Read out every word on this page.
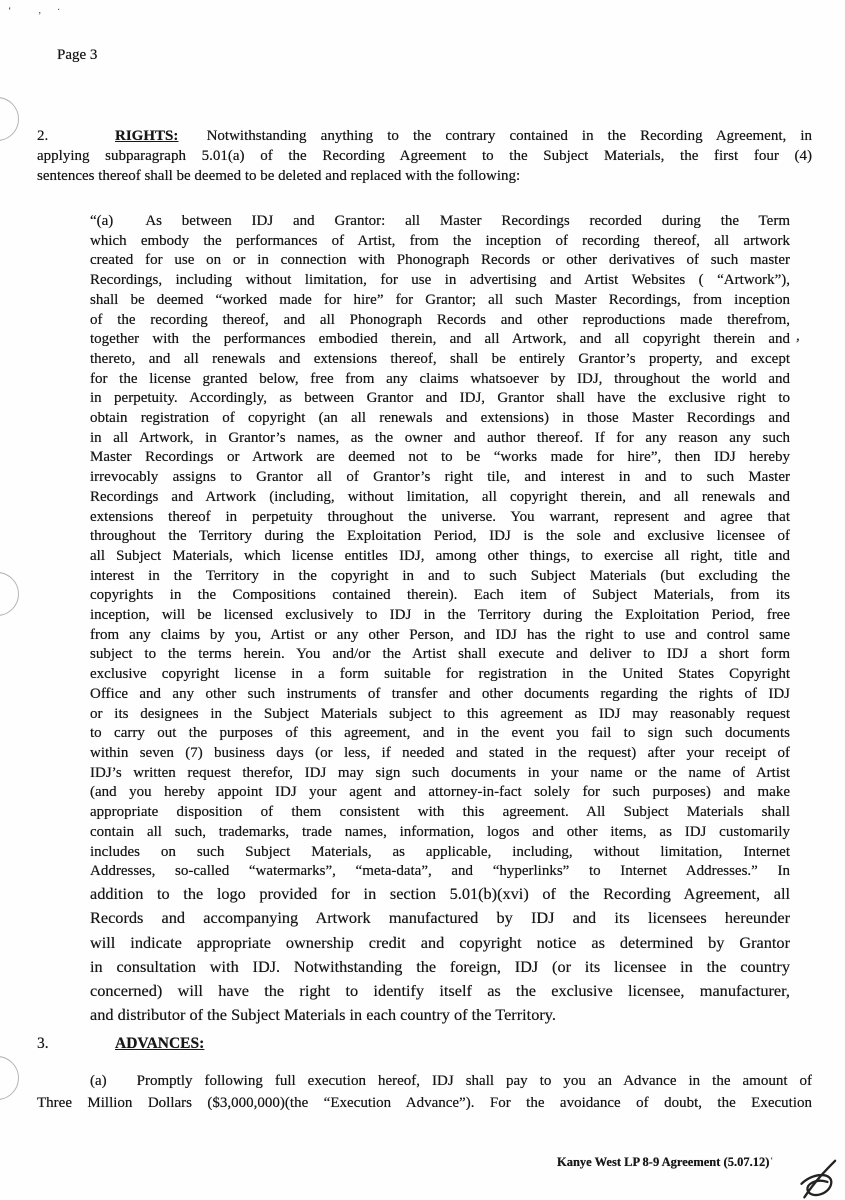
‘	’
·
‘
Page 3
2.	RIGHTS: Notwithstanding anything to the contrary contained in the Recording Agreement, in
applying subparagraph 5.01(a) of the Recording Agreement to the Subject Materials, the first four (4)
sentences thereof shall be deemed to be deleted and replaced with the following:
“(a) As between IDJ and Grantor: all Master Recordings recorded during the Term
which embody the performances of Artist, from the inception of recording thereof, all artwork
created for use on or in connection with Phonograph Records or other derivatives of such master
Recordings, including without limitation, for use in advertising and Artist Websites ( “Artwork”),
shall be deemed “worked made for hire” for Grantor; all such Master Recordings, from inception
of the recording thereof, and all Phonograph Records and other reproductions made therefrom,
together with the performances embodied therein, and all Artwork, and all copyright therein and
thereto, and all renewals and extensions thereof, shall be entirely Grantor’s property, and except
for the license granted below, free from any claims whatsoever by IDJ, throughout the world and
in perpetuity. Accordingly, as between Grantor and IDJ, Grantor shall have the exclusive right to
obtain registration of copyright (an all renewals and extensions) in those Master Recordings and
in all Artwork, in Grantor’s names, as the owner and author thereof. If for any reason any such
Master Recordings or Artwork are deemed not to be “works made for hire”, then IDJ hereby
irrevocably assigns to Grantor all of Grantor’s right tile, and interest in and to such Master
Recordings and Artwork (including, without limitation, all copyright therein, and all renewals and
extensions thereof in perpetuity throughout the universe. You warrant, represent and agree that
throughout the Territory during the Exploitation Period, IDJ is the sole and exclusive licensee of
all Subject Materials, which license entitles IDJ, among other things, to exercise all right, title and
interest in the Territory in the copyright in and to such Subject Materials (but excluding the
copyrights in the Compositions contained therein). Each item of Subject Materials, from its
inception, will be licensed exclusively to IDJ in the Territory during the Exploitation Period, free
from any claims by you, Artist or any other Person, and IDJ has the right to use and control same
subject to the terms herein. You and/or the Artist shall execute and deliver to IDJ a short form
exclusive copyright license in a form suitable for registration in the United States Copyright
Office and any other such instruments of transfer and other documents regarding the rights of IDJ
or its designees in the Subject Materials subject to this agreement as IDJ may reasonably request
to carry out the purposes of this agreement, and in the event you fail to sign such documents
within seven (7) business days (or less, if needed and stated in the request) after your receipt of
IDJ’s written request therefor, IDJ may sign such documents in your name or the name of Artist
(and you hereby appoint IDJ your agent and attorney-in-fact solely for such purposes) and make
appropriate disposition of them consistent with this agreement. All Subject Materials shall
contain all such, trademarks, trade names, information, logos and other items, as IDJ customarily
includes on such Subject Materials, as applicable, including, without limitation, Internet
Addresses, so-called “watermarks”, “meta-data”, and “hyperlinks” to Internet Addresses.” In
addition to the logo provided for in section 5.01(b)(xvi) of the Recording Agreement, all
Records and accompanying Artwork manufactured by IDJ and its licensees hereunder
will indicate appropriate ownership credit and copyright notice as determined by Grantor
in consultation with IDJ. Notwithstanding the foreign, IDJ (or its licensee in the country
concerned) will have the right to identify itself as the exclusive licensee, manufacturer,
and distributor of the Subject Materials in each country of the Territory.
,
3.	ADVANCES:
(a) Promptly following full execution hereof, IDJ shall pay to you an Advance in the amount of
Three Million Dollars ($3,000,000)(the “Execution Advance”). For the avoidance of doubt, the Execution
Kanye West LP 8-9 Agreement (5.07.12)
